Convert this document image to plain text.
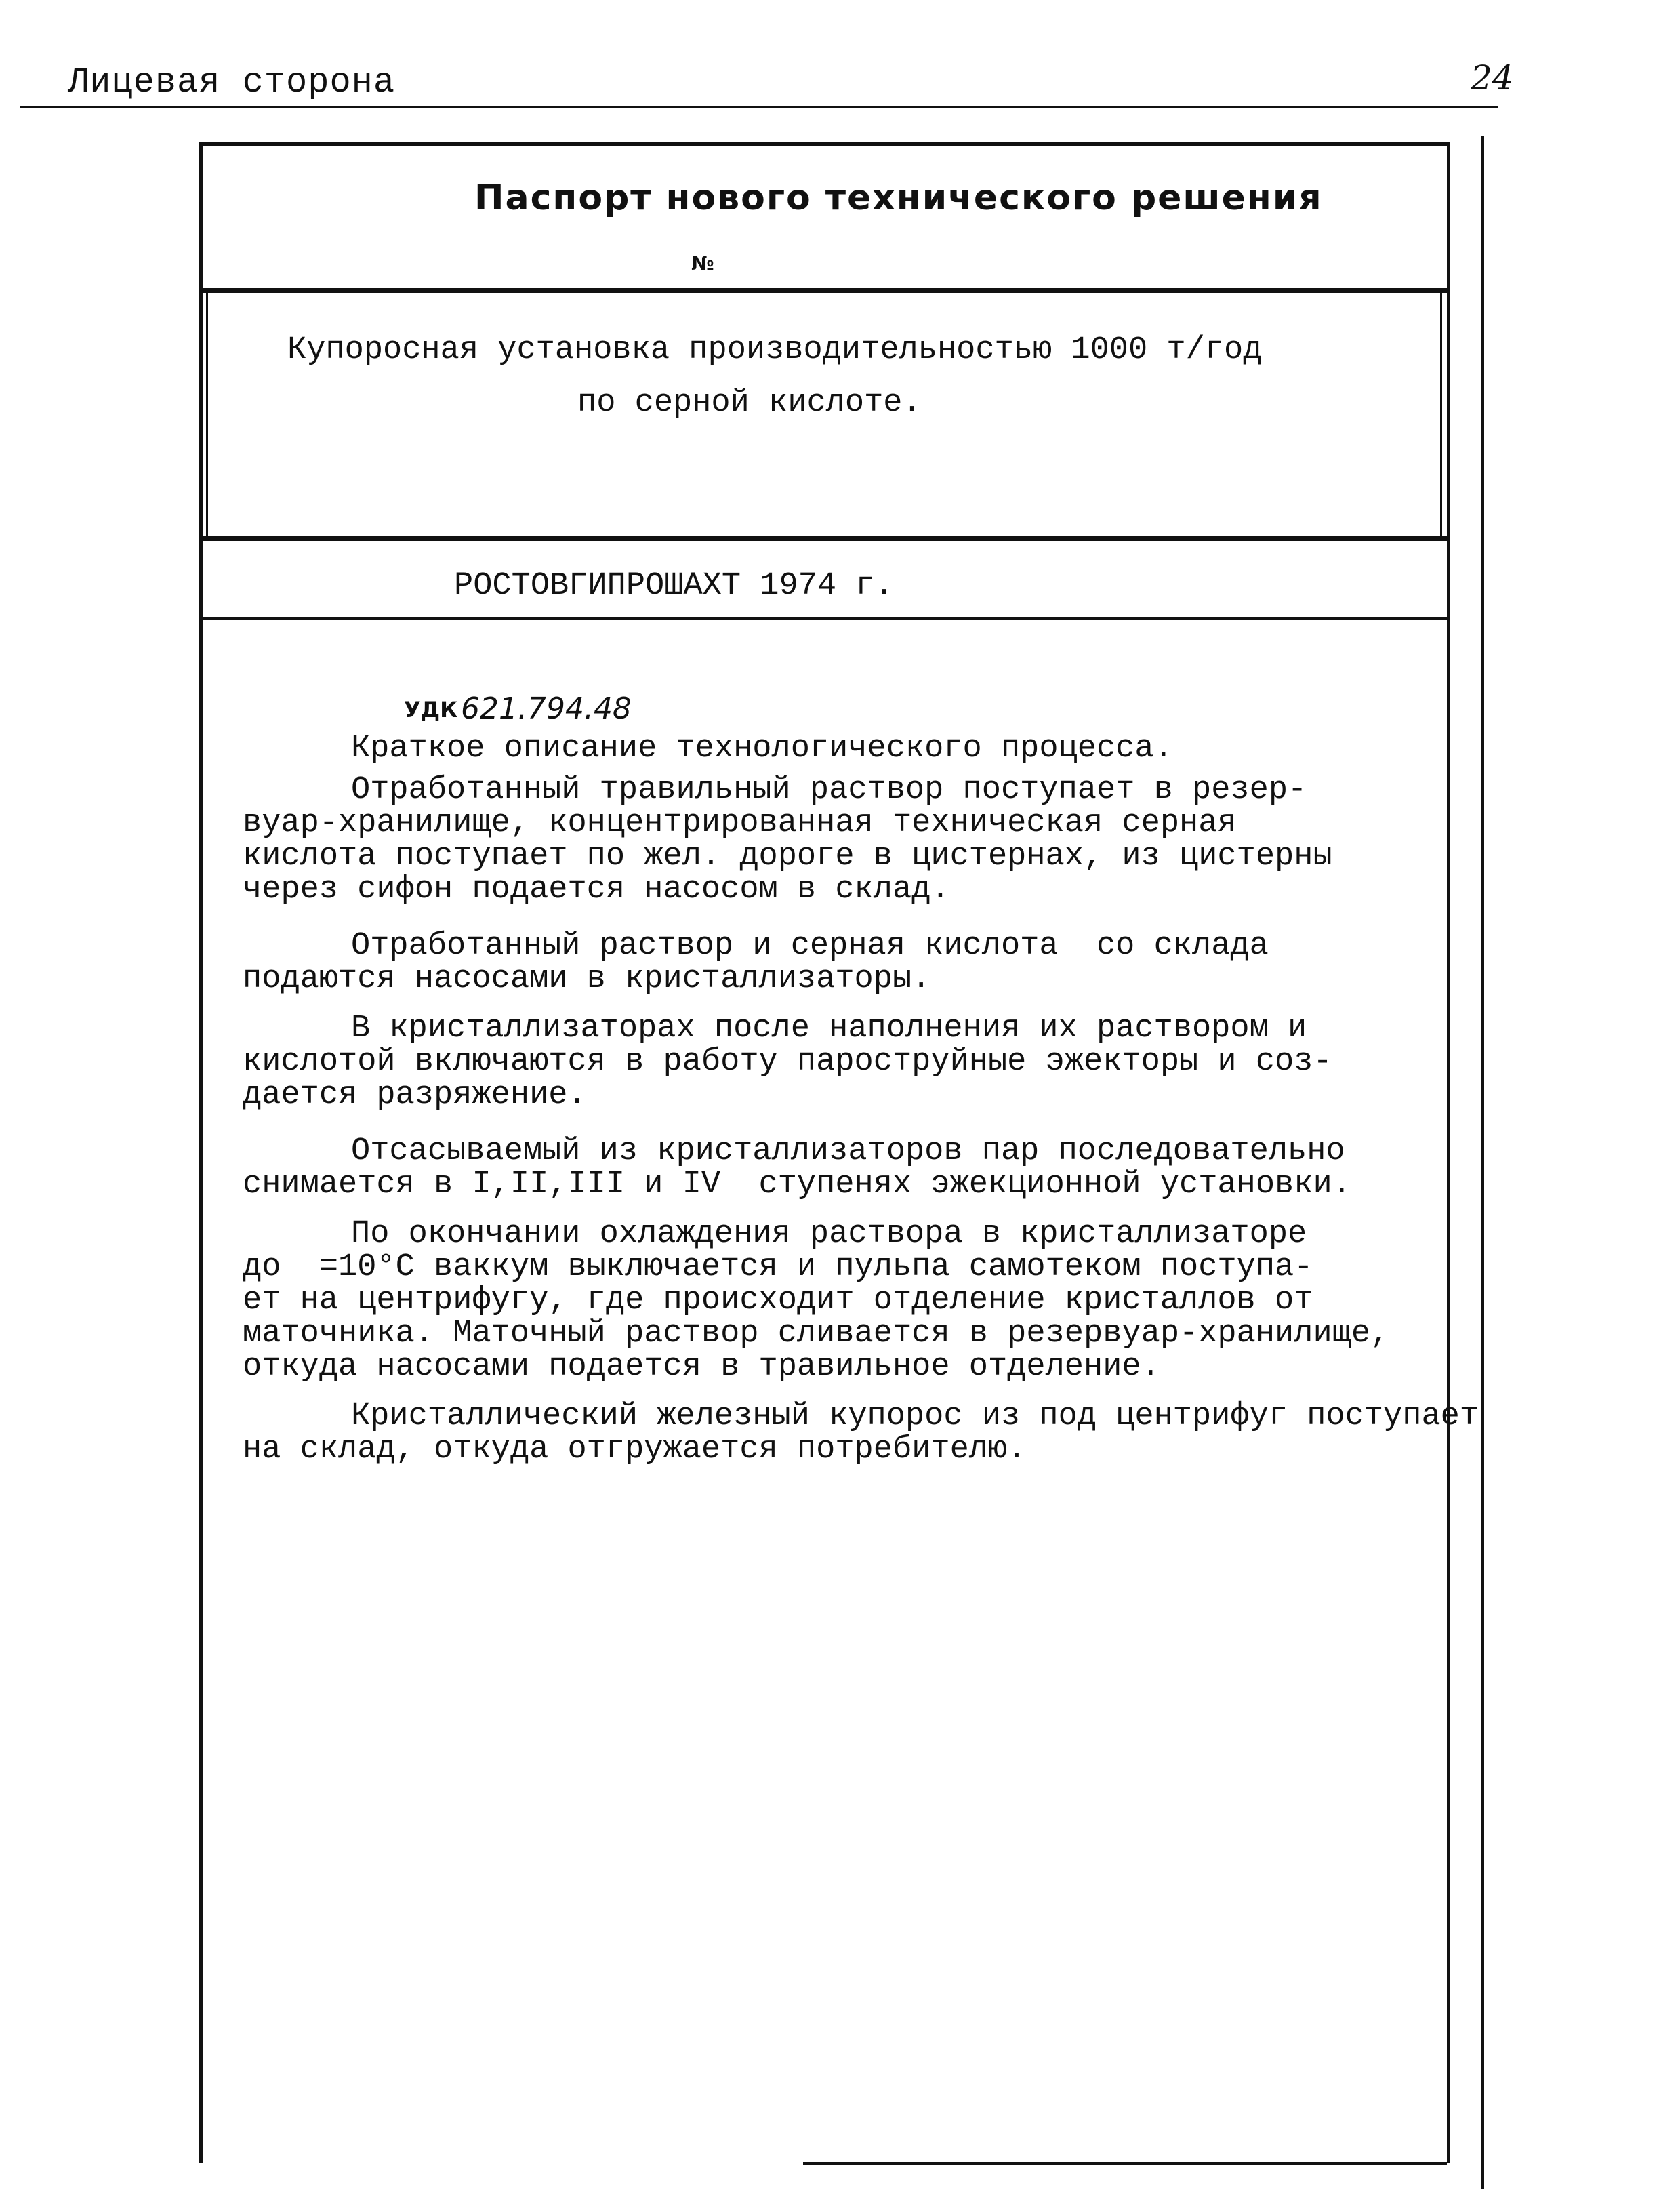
Лицевая сторона	24
Паспорт нового технического решения
№
Купоросная установка производительностью 1000 т/год
по серной кислоте.
РОСТОВГИПРОШАХТ 1974 г.
УДК 621.794.48
Краткое описание технологического процесса.
Отработанный травильный раствор поступает в резер-
вуар-хранилище, концентрированная техническая серная
кислота поступает по жел. дороге в цистернах, из цистерны
через сифон подается насосом в склад.
Отработанный раствор и серная кислота  со склада
подаются насосами в кристаллизаторы.
В кристаллизаторах после наполнения их раствором и
кислотой включаются в работу пароструйные эжекторы и соз-
дается разряжение.
Отсасываемый из кристаллизаторов пар последовательно
снимается в I,II,III и IV  ступенях эжекционной установки.
По окончании охлаждения раствора в кристаллизаторе
до  =10°С ваккум выключается и пульпа самотеком поступа-
ет на центрифугу, где происходит отделение кристаллов от
маточника. Маточный раствор сливается в резервуар-хранилище,
откуда насосами подается в травильное отделение.
Кристаллический железный купорос из под центрифуг поступает
на склад, откуда отгружается потребителю.
